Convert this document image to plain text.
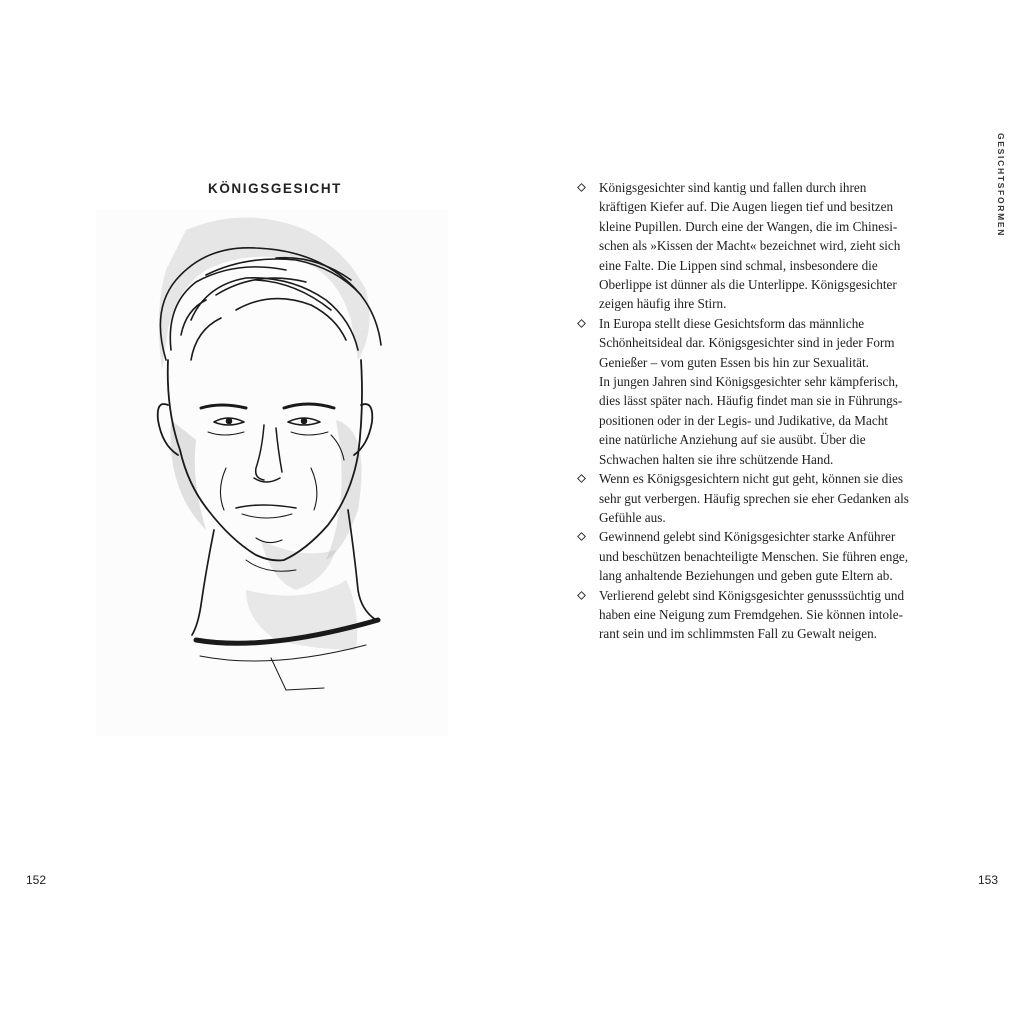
KÖNIGSGESICHT
152
GESICHTSFORMEN
153
Königsgesichter sind kantig und fallen durch ihren
kräftigen Kiefer auf. Die Augen liegen tief und besitzen
kleine Pupillen. Durch eine der Wangen, die im Chinesi-
schen als »Kissen der Macht« bezeichnet wird, zieht sich
eine Falte. Die Lippen sind schmal, insbesondere die
Oberlippe ist dünner als die Unterlippe. Königsgesichter
zeigen häufig ihre Stirn.
In Europa stellt diese Gesichtsform das männliche
Schönheitsideal dar. Königsgesichter sind in jeder Form
Genießer – vom guten Essen bis hin zur Sexualität.
In jungen Jahren sind Königsgesichter sehr kämpferisch,
dies lässt später nach. Häufig findet man sie in Führungs-
positionen oder in der Legis- und Judikative, da Macht
eine natürliche Anziehung auf sie ausübt. Über die
Schwachen halten sie ihre schützende Hand.
Wenn es Königsgesichtern nicht gut geht, können sie dies
sehr gut verbergen. Häufig sprechen sie eher Gedanken als
Gefühle aus.
Gewinnend gelebt sind Königsgesichter starke Anführer
und beschützen benachteiligte Menschen. Sie führen enge,
lang anhaltende Beziehungen und geben gute Eltern ab.
Verlierend gelebt sind Königsgesichter genusssüchtig und
haben eine Neigung zum Fremdgehen. Sie können intole-
rant sein und im schlimmsten Fall zu Gewalt neigen.
